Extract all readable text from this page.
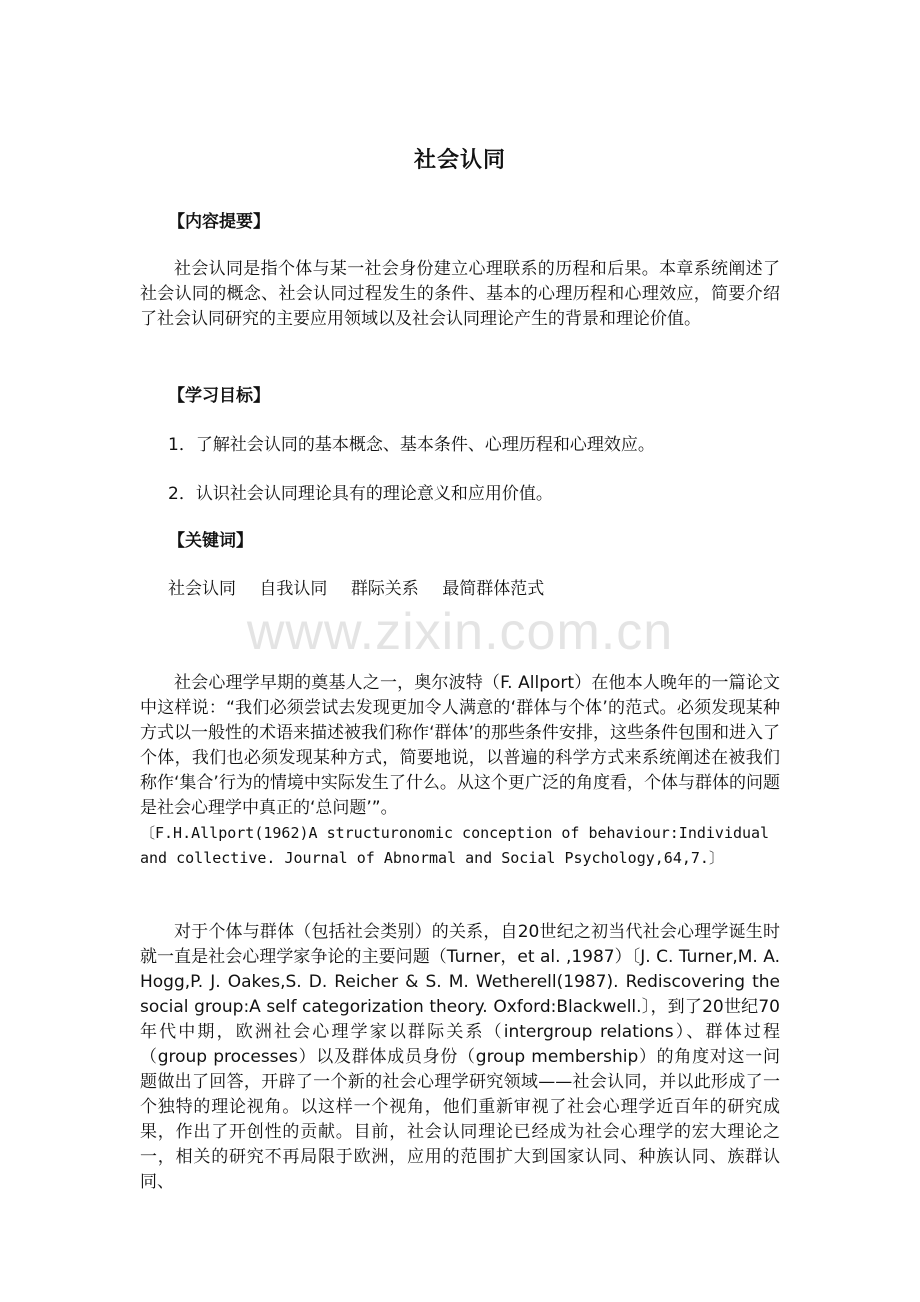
社会认同
【内容提要】
社会认同是指个体与某一社会身份建立心理联系的历程和后果。本章系统阐述了社会认同的概念、社会认同过程发生的条件、基本的心理历程和心理效应，简要介绍了社会认同研究的主要应用领域以及社会认同理论产生的背景和理论价值。
【学习目标】
1．了解社会认同的基本概念、基本条件、心理历程和心理效应。
2．认识社会认同理论具有的理论意义和应用价值。
【关键词】
社会认同 自我认同 群际关系 最简群体范式
www.zixin.com.cn
社会心理学早期的奠基人之一，奥尔波特（F. Allport）在他本人晚年的一篇论文中这样说：“我们必须尝试去发现更加令人满意的‘群体与个体’的范式。必须发现某种方式以一般性的术语来描述被我们称作‘群体’的那些条件安排，这些条件包围和进入了个体，我们也必须发现某种方式，简要地说，以普遍的科学方式来系统阐述在被我们称作‘集合’行为的情境中实际发生了什么。从这个更广泛的角度看，个体与群体的问题是社会心理学中真正的‘总问题’”。
〔F.H.Allport(1962)A structuronomic conception of behaviour:Individual
and collective. Journal of Abnormal and Social Psychology,64,7.〕
对于个体与群体（包括社会类别）的关系，自20世纪之初当代社会心理学诞生时就一直是社会心理学家争论的主要问题（Turner，et al. ,1987）〔J. C. Turner,M. A. Hogg,P. J. Oakes,S. D. Reicher & S. M. Wetherell(1987). Rediscovering the social group:A self categorization theory. Oxford:Blackwell.〕，到了20世纪70年代中期，欧洲社会心理学家以群际关系（intergroup relations）、群体过程（group processes）以及群体成员身份（group membership）的角度对这一问题做出了回答，开辟了一个新的社会心理学研究领域——社会认同，并以此形成了一个独特的理论视角。以这样一个视角，他们重新审视了社会心理学近百年的研究成果，作出了开创性的贡献。目前，社会认同理论已经成为社会心理学的宏大理论之一，相关的研究不再局限于欧洲，应用的范围扩大到国家认同、种族认同、族群认同、
